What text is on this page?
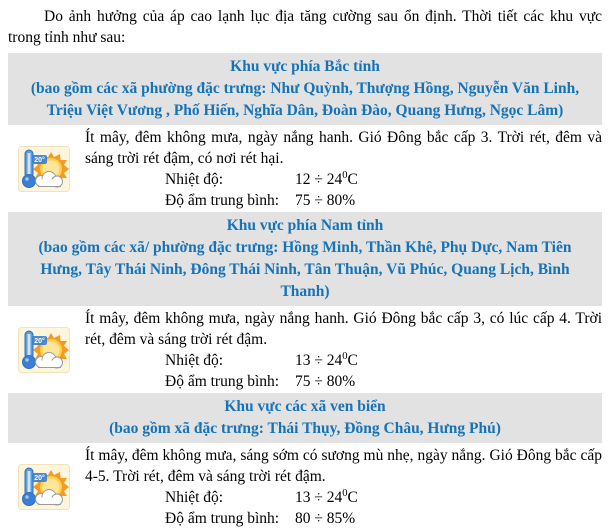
Do ảnh hưởng của áp cao lạnh lục địa tăng cường sau ổn định. Thời tiết các khu vực trong tỉnh như sau:

Khu vực phía Bắc tỉnh
(bao gồm các xã phường đặc trưng: Như Quỳnh, Thượng Hồng, Nguyễn Văn Linh, Triệu Việt Vương , Phố Hiến, Nghĩa Dân, Đoàn Đào, Quang Hưng, Ngọc Lâm)

Ít mây, đêm không mưa, ngày nắng hanh. Gió Đông bắc cấp 3. Trời rét, đêm và sáng trời rét đậm, có nơi rét hại.

Nhiệt độ:	$12 \div 24^0C$
Độ ẩm trung bình:	75 ÷ 80%
Khu vực phía Nam tỉnh
(bao gồm các xã/ phường đặc trưng: Hồng Minh, Thần Khê, Phụ Dực, Nam Tiên Hưng, Tây Thái Ninh, Đông Thái Ninh, Tân Thuận, Vũ Phúc, Quang Lịch, Bình Thanh)

Ít mây, đêm không mưa, ngày nắng hanh. Gió Đông bắc cấp 3, có lúc cấp 4. Trời rét, đêm và sáng trời rét đậm.

Nhiệt độ:	$13 \div 24^0C$
Độ ẩm trung bình:	75 ÷ 80%
Khu vực các xã ven biển
(bao gồm xã đặc trưng: Thái Thụy, Đồng Châu, Hưng Phú)

Ít mây, đêm không mưa, sáng sớm có sương mù nhẹ, ngày nắng. Gió Đông bắc cấp 4-5. Trời rét, đêm và sáng trời rét đậm.

Nhiệt độ:	$13 \div 24^0C$
Độ ẩm trung bình:	80 ÷ 85%
